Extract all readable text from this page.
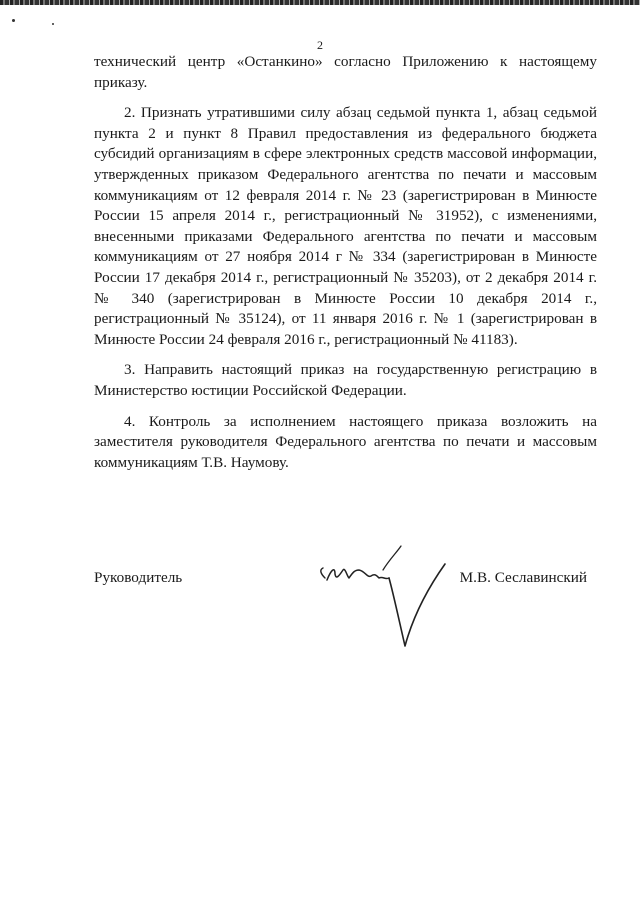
2

технический центр «Останкино» согласно Приложению к настоящему приказу.

2. Признать утратившими силу абзац седьмой пункта 1, абзац седьмой пункта 2 и пункт 8 Правил предоставления из федерального бюджета субсидий организациям в сфере электронных средств массовой информации, утвержденных приказом Федерального агентства по печати и массовым коммуникациям от 12 февраля 2014 г. № 23 (зарегистрирован в Минюсте России 15 апреля 2014 г., регистрационный № 31952), с изменениями, внесенными приказами Федерального агентства по печати и массовым коммуникациям от 27 ноября 2014 г № 334 (зарегистрирован в Минюсте России 17 декабря 2014 г., регистрационный № 35203), от 2 декабря 2014 г. № 340 (зарегистрирован в Минюсте России 10 декабря 2014 г., регистрационный № 35124), от 11 января 2016 г. № 1 (зарегистрирован в Минюсте России 24 февраля 2016 г., регистрационный № 41183).

3. Направить настоящий приказ на государственную регистрацию в Министерство юстиции Российской Федерации.

4. Контроль за исполнением настоящего приказа возложить на заместителя руководителя Федерального агентства по печати и массовым коммуникациям Т.В. Наумову.

Руководитель	М.В. Сеславинский
